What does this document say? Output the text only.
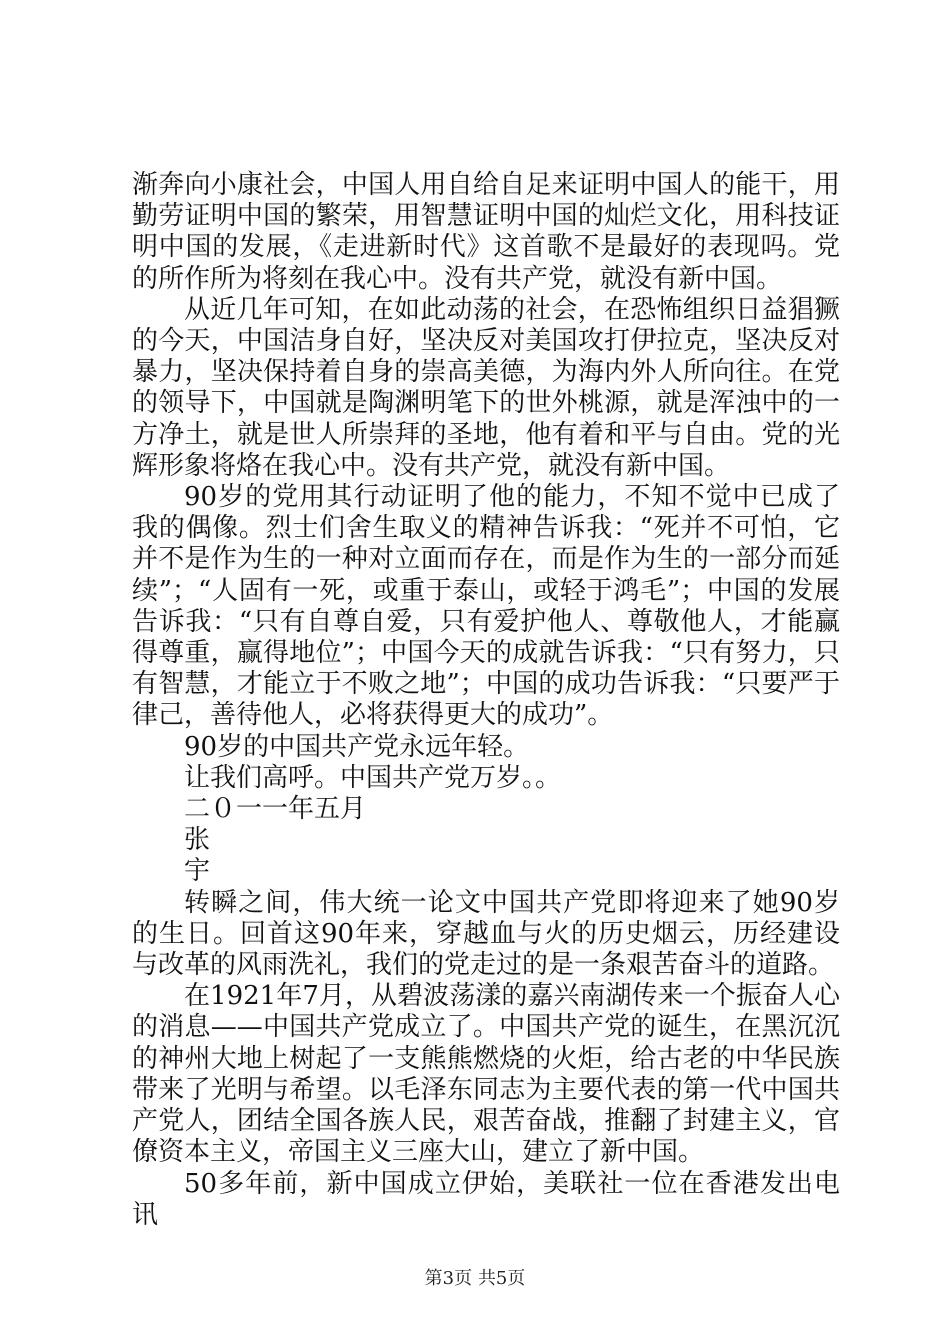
渐奔向小康社会，中国人用自给自足来证明中国人的能干，用勤劳证明中国的繁荣，用智慧证明中国的灿烂文化，用科技证明中国的发展，《走进新时代》这首歌不是最好的表现吗。党的所作所为将刻在我心中。没有共产党，就没有新中国。

从近几年可知，在如此动荡的社会，在恐怖组织日益猖獗的今天，中国洁身自好，坚决反对美国攻打伊拉克，坚决反对暴力，坚决保持着自身的崇高美德，为海内外人所向往。在党的领导下，中国就是陶渊明笔下的世外桃源，就是浑浊中的一方净土，就是世人所崇拜的圣地，他有着和平与自由。党的光辉形象将烙在我心中。没有共产党，就没有新中国。

90岁的党用其行动证明了他的能力，不知不觉中已成了我的偶像。烈士们舍生取义的精神告诉我：“死并不可怕，它并不是作为生的一种对立面而存在，而是作为生的一部分而延续”；“人固有一死，或重于泰山，或轻于鸿毛”；中国的发展告诉我：“只有自尊自爱，只有爱护他人、尊敬他人，才能赢得尊重，赢得地位”；中国今天的成就告诉我：“只有努力，只有智慧，才能立于不败之地”；中国的成功告诉我：“只要严于律己，善待他人，必将获得更大的成功”。

90岁的中国共产党永远年轻。

让我们高呼。中国共产党万岁。。

二０一一年五月

张

宇

转瞬之间，伟大统一论文中国共产党即将迎来了她90岁的生日。回首这90年来，穿越血与火的历史烟云，历经建设与改革的风雨洗礼，我们的党走过的是一条艰苦奋斗的道路。

在1921年7月，从碧波荡漾的嘉兴南湖传来一个振奋人心的消息——中国共产党成立了。中国共产党的诞生，在黑沉沉的神州大地上树起了一支熊熊燃烧的火炬，给古老的中华民族带来了光明与希望。以毛泽东同志为主要代表的第一代中国共产党人，团结全国各族人民，艰苦奋战，推翻了封建主义，官僚资本主义，帝国主义三座大山，建立了新中国。

50多年前，新中国成立伊始，美联社一位在香港发出电讯

第3页 共5页
